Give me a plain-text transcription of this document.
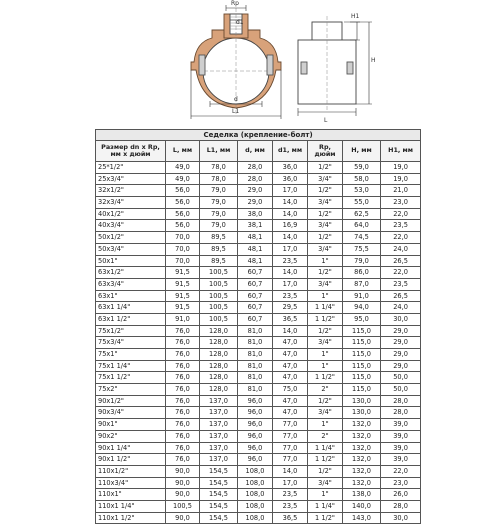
Rp
d1
d
L1
H1
H
L
Седелка (крепление-болт)							
Размер dn x Rp, мм x дюйм	L, мм	L1, мм	d, мм	d1, мм	Rp, дюйм	H, мм	H1, мм
25*1/2"	49,0	78,0	28,0	36,0	1/2"	59,0	19,0
25x3/4"	49,0	78,0	28,0	36,0	3/4"	58,0	19,0
32x1/2"	56,0	79,0	29,0	17,0	1/2"	53,0	21,0
32x3/4"	56,0	79,0	29,0	14,0	3/4"	55,0	23,0
40x1/2"	56,0	79,0	38,0	14,0	1/2"	62,5	22,0
40x3/4"	56,0	79,0	38,1	16,9	3/4"	64,0	23,5
50x1/2"	70,0	89,5	48,1	14,0	1/2"	74,5	22,0
50x3/4"	70,0	89,5	48,1	17,0	3/4"	75,5	24,0
50x1"	70,0	89,5	48,1	23,5	1"	79,0	26,5
63x1/2"	91,5	100,5	60,7	14,0	1/2"	86,0	22,0
63x3/4"	91,5	100,5	60,7	17,0	3/4"	87,0	23,5
63x1"	91,5	100,5	60,7	23,5	1"	91,0	26,5
63x1 1/4"	91,5	100,5	60,7	29,5	1 1/4"	94,0	24,0
63x1 1/2"	91,0	100,5	60,7	36,5	1 1/2"	95,0	30,0
75x1/2"	76,0	128,0	81,0	14,0	1/2"	115,0	29,0
75x3/4"	76,0	128,0	81,0	47,0	3/4"	115,0	29,0
75x1"	76,0	128,0	81,0	47,0	1"	115,0	29,0
75x1 1/4"	76,0	128,0	81,0	47,0	1"	115,0	29,0
75x1 1/2"	76,0	128,0	81,0	47,0	1 1/2"	115,0	50,0
75x2"	76,0	128,0	81,0	75,0	2"	115,0	50,0
90x1/2"	76,0	137,0	96,0	47,0	1/2"	130,0	28,0
90x3/4"	76,0	137,0	96,0	47,0	3/4"	130,0	28,0
90x1"	76,0	137,0	96,0	77,0	1"	132,0	39,0
90x2"	76,0	137,0	96,0	77,0	2"	132,0	39,0
90x1 1/4"	76,0	137,0	96,0	77,0	1 1/4"	132,0	39,0
90x1 1/2"	76,0	137,0	96,0	77,0	1 1/2"	132,0	39,0
110x1/2"	90,0	154,5	108,0	14,0	1/2"	132,0	22,0
110x3/4"	90,0	154,5	108,0	17,0	3/4"	132,0	23,0
110x1"	90,0	154,5	108,0	23,5	1"	138,0	26,0
110x1 1/4"	100,5	154,5	108,0	23,5	1 1/4"	140,0	28,0
110x1 1/2"	90,0	154,5	108,0	36,5	1 1/2"	143,0	30,0
